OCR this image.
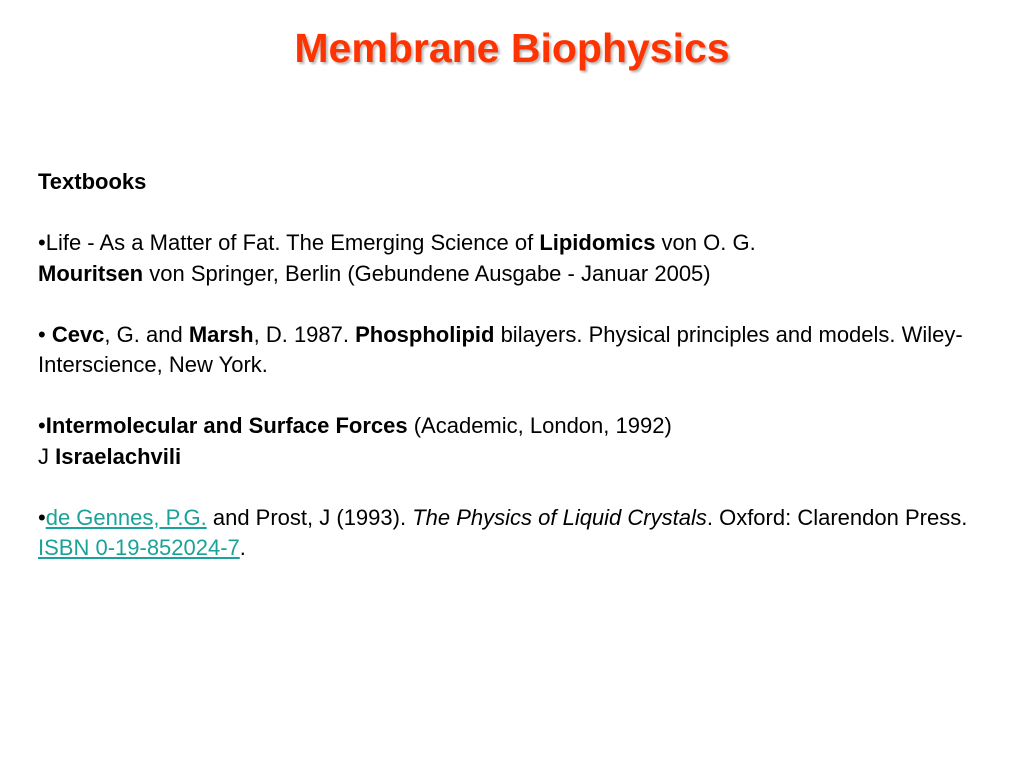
Membrane Biophysics

Textbooks

•Life - As a Matter of Fat. The Emerging Science of Lipidomics von O. G.
Mouritsen von Springer, Berlin (Gebundene Ausgabe - Januar 2005)

• Cevc, G. and Marsh, D. 1987. Phospholipid bilayers. Physical principles and models. Wiley-Interscience, New York.

•Intermolecular and Surface Forces (Academic, London, 1992)
J Israelachvili

•de Gennes, P.G. and Prost, J (1993). The Physics of Liquid Crystals. Oxford: Clarendon Press. ISBN 0-19-852024-7.
